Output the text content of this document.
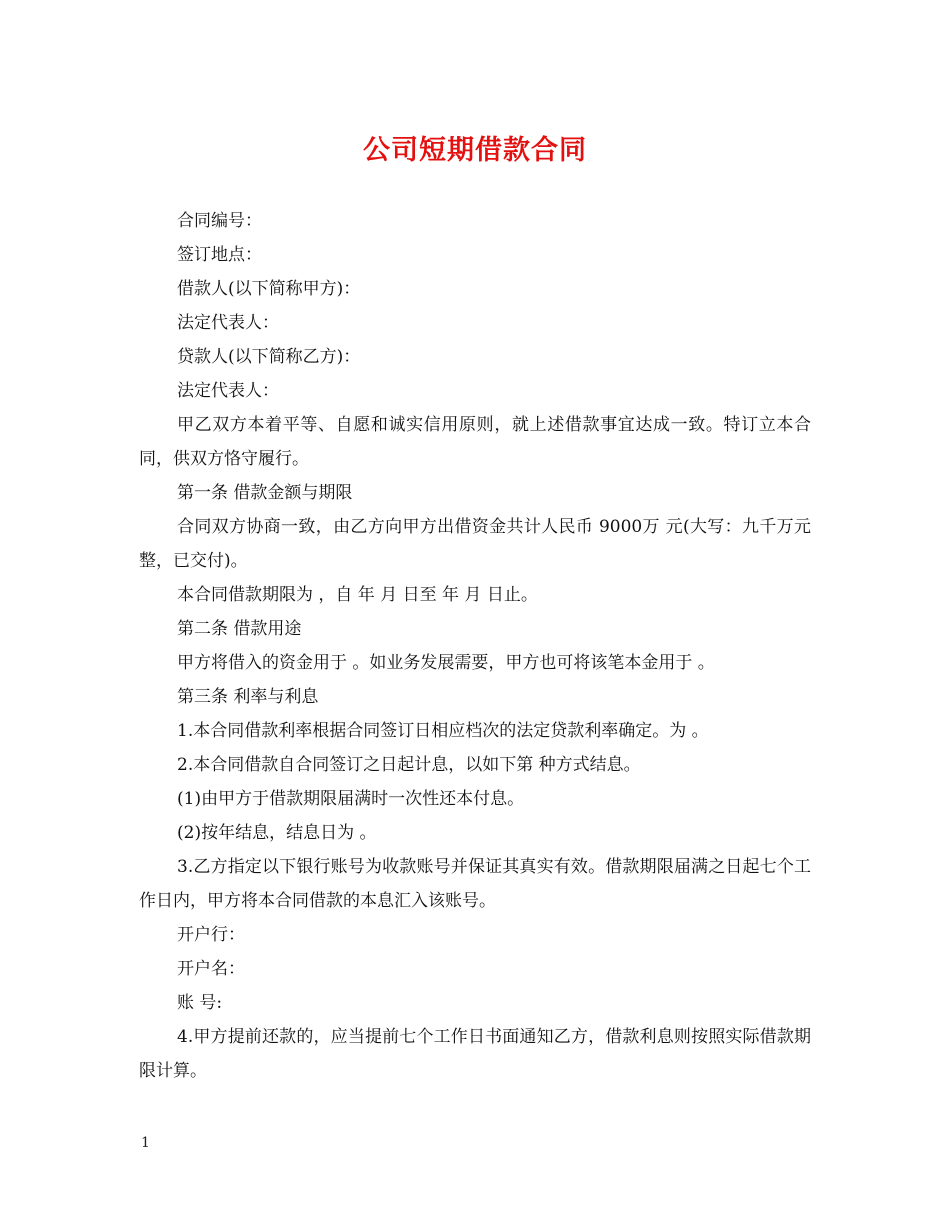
公司短期借款合同

合同编号：

签订地点：

借款人(以下简称甲方)：

法定代表人：

贷款人(以下简称乙方)：

法定代表人：

甲乙双方本着平等、自愿和诚实信用原则，就上述借款事宜达成一致。特订立本合同，供双方恪守履行。

第一条 借款金额与期限

合同双方协商一致，由乙方向甲方出借资金共计人民币 9000万 元(大写：九千万元整，已交付)。

本合同借款期限为 ，自 年 月 日至 年 月 日止。

第二条 借款用途

甲方将借入的资金用于 。如业务发展需要，甲方也可将该笔本金用于 。

第三条 利率与利息

1.本合同借款利率根据合同签订日相应档次的法定贷款利率确定。为 。

2.本合同借款自合同签订之日起计息，以如下第 种方式结息。

(1)由甲方于借款期限届满时一次性还本付息。

(2)按年结息，结息日为 。

3.乙方指定以下银行账号为收款账号并保证其真实有效。借款期限届满之日起七个工作日内，甲方将本合同借款的本息汇入该账号。

开户行：

开户名：

账 号:

4.甲方提前还款的，应当提前七个工作日书面通知乙方，借款利息则按照实际借款期限计算。

1
